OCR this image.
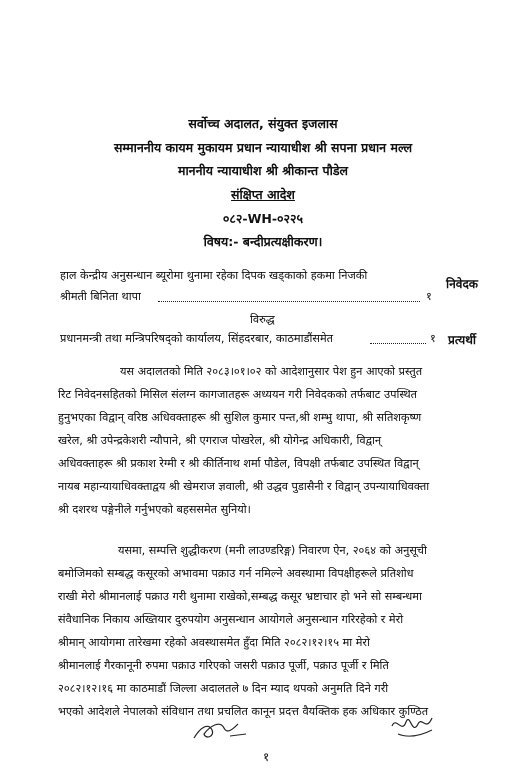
सर्वोच्च अदालत, संयुक्त इजलास
सम्माननीय कायम मुकायम प्रधान न्यायाधीश श्री सपना प्रधान मल्ल
माननीय न्यायाधीश श्री श्रीकान्त पौडेल
संक्षिप्त आदेश
०८२-WH-०२२५
विषय:- बन्दीप्रत्यक्षीकरण।
हाल केन्द्रीय अनुसन्धान ब्यूरोमा थुनामा रहेका दिपक खड्काको हकमा निजकी
निवेदक
श्रीमती बिनिता थापा	१
विरुद्ध
प्रधानमन्त्री तथा मन्त्रिपरिषद्को कार्यालय, सिंहदरबार, काठमाडौंसमेत	१ प्रत्यर्थी
यस अदालतको मिति २०८३।०१।०२ को आदेशानुसार पेश हुन आएको प्रस्तुत
रिट निवेदनसहितको मिसिल संलग्न कागजातहरू अध्ययन गरी निवेदकको तर्फबाट उपस्थित
हुनुभएका विद्वान् वरिष्ठ अधिवक्ताहरू श्री सुशिल कुमार पन्त,श्री शम्भु थापा, श्री सतिशकृष्ण
खरेल, श्री उपेन्द्रकेशरी न्यौपाने, श्री एगराज पोखरेल, श्री योगेन्द्र अधिकारी, विद्वान्
अधिवक्ताहरू श्री प्रकाश रेग्मी र श्री कीर्तिनाथ शर्मा पौडेल, विपक्षी तर्फबाट उपस्थित विद्वान्
नायब महान्यायाधिवक्ताद्वय श्री खेमराज ज्ञवाली, श्री उद्धव पुडासैनी र विद्वान् उपन्यायाधिवक्ता
श्री दशरथ पङ्गेनीले गर्नुभएको बहससमेत सुनियो।
यसमा, सम्पत्ति शुद्धीकरण (मनी लाउण्डरिङ्ग) निवारण ऐन, २०६४ को अनुसूची
बमोजिमको सम्बद्ध कसूरको अभावमा पक्राउ गर्न नमिल्ने अवस्थामा विपक्षीहरूले प्रतिशोध
राखी मेरो श्रीमानलाई पक्राउ गरी थुनामा राखेको,सम्बद्ध कसूर भ्रष्टाचार हो भने सो सम्बन्धमा
संवैधानिक निकाय अख्तियार दुरुपयोग अनुसन्धान आयोगले अनुसन्धान गरिरहेको र मेरो
श्रीमान् आयोगमा तारेखमा रहेको अवस्थासमेत हुँदा मिति २०८२।१२।१५ मा मेरो
श्रीमानलाई गैरकानूनी रुपमा पक्राउ गरिएको जसरी पक्राउ पूर्जी, पक्राउ पूर्जी र मिति
२०८२।१२।१६ मा काठमाडौं जिल्ला अदालतले ७ दिन म्याद थपको अनुमति दिने गरी
भएको आदेशले नेपालको संविधान तथा प्रचलित कानून प्रदत्त वैयक्तिक हक अधिकार कुण्ठित
१
